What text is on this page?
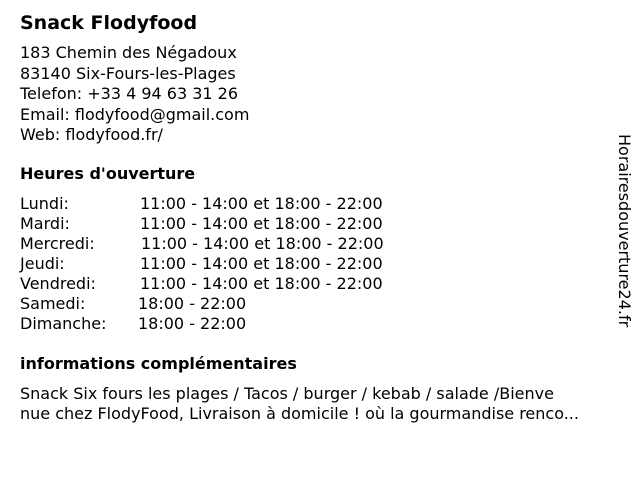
Snack Flodyfood
183 Chemin des Négadoux
83140 Six-Fours-les-Plages
Telefon: +33 4 94 63 31 26
Email: flodyfood@gmail.com
Web: flodyfood.fr/
Heures d'ouverture
Lundi:	11:00 - 14:00 et 18:00 - 22:00
Mardi:	11:00 - 14:00 et 18:00 - 22:00
Mercredi:	11:00 - 14:00 et 18:00 - 22:00
Jeudi:	11:00 - 14:00 et 18:00 - 22:00
Vendredi:	11:00 - 14:00 et 18:00 - 22:00
Samedi:	18:00 - 22:00
Dimanche: 18:00 - 22:00
informations complémentaires
Snack Six fours les plages / Tacos / burger / kebab / salade /Bienve
nue chez FlodyFood, Livraison à domicile ! où la gourmandise renco...
Horairesdouverture24.fr
